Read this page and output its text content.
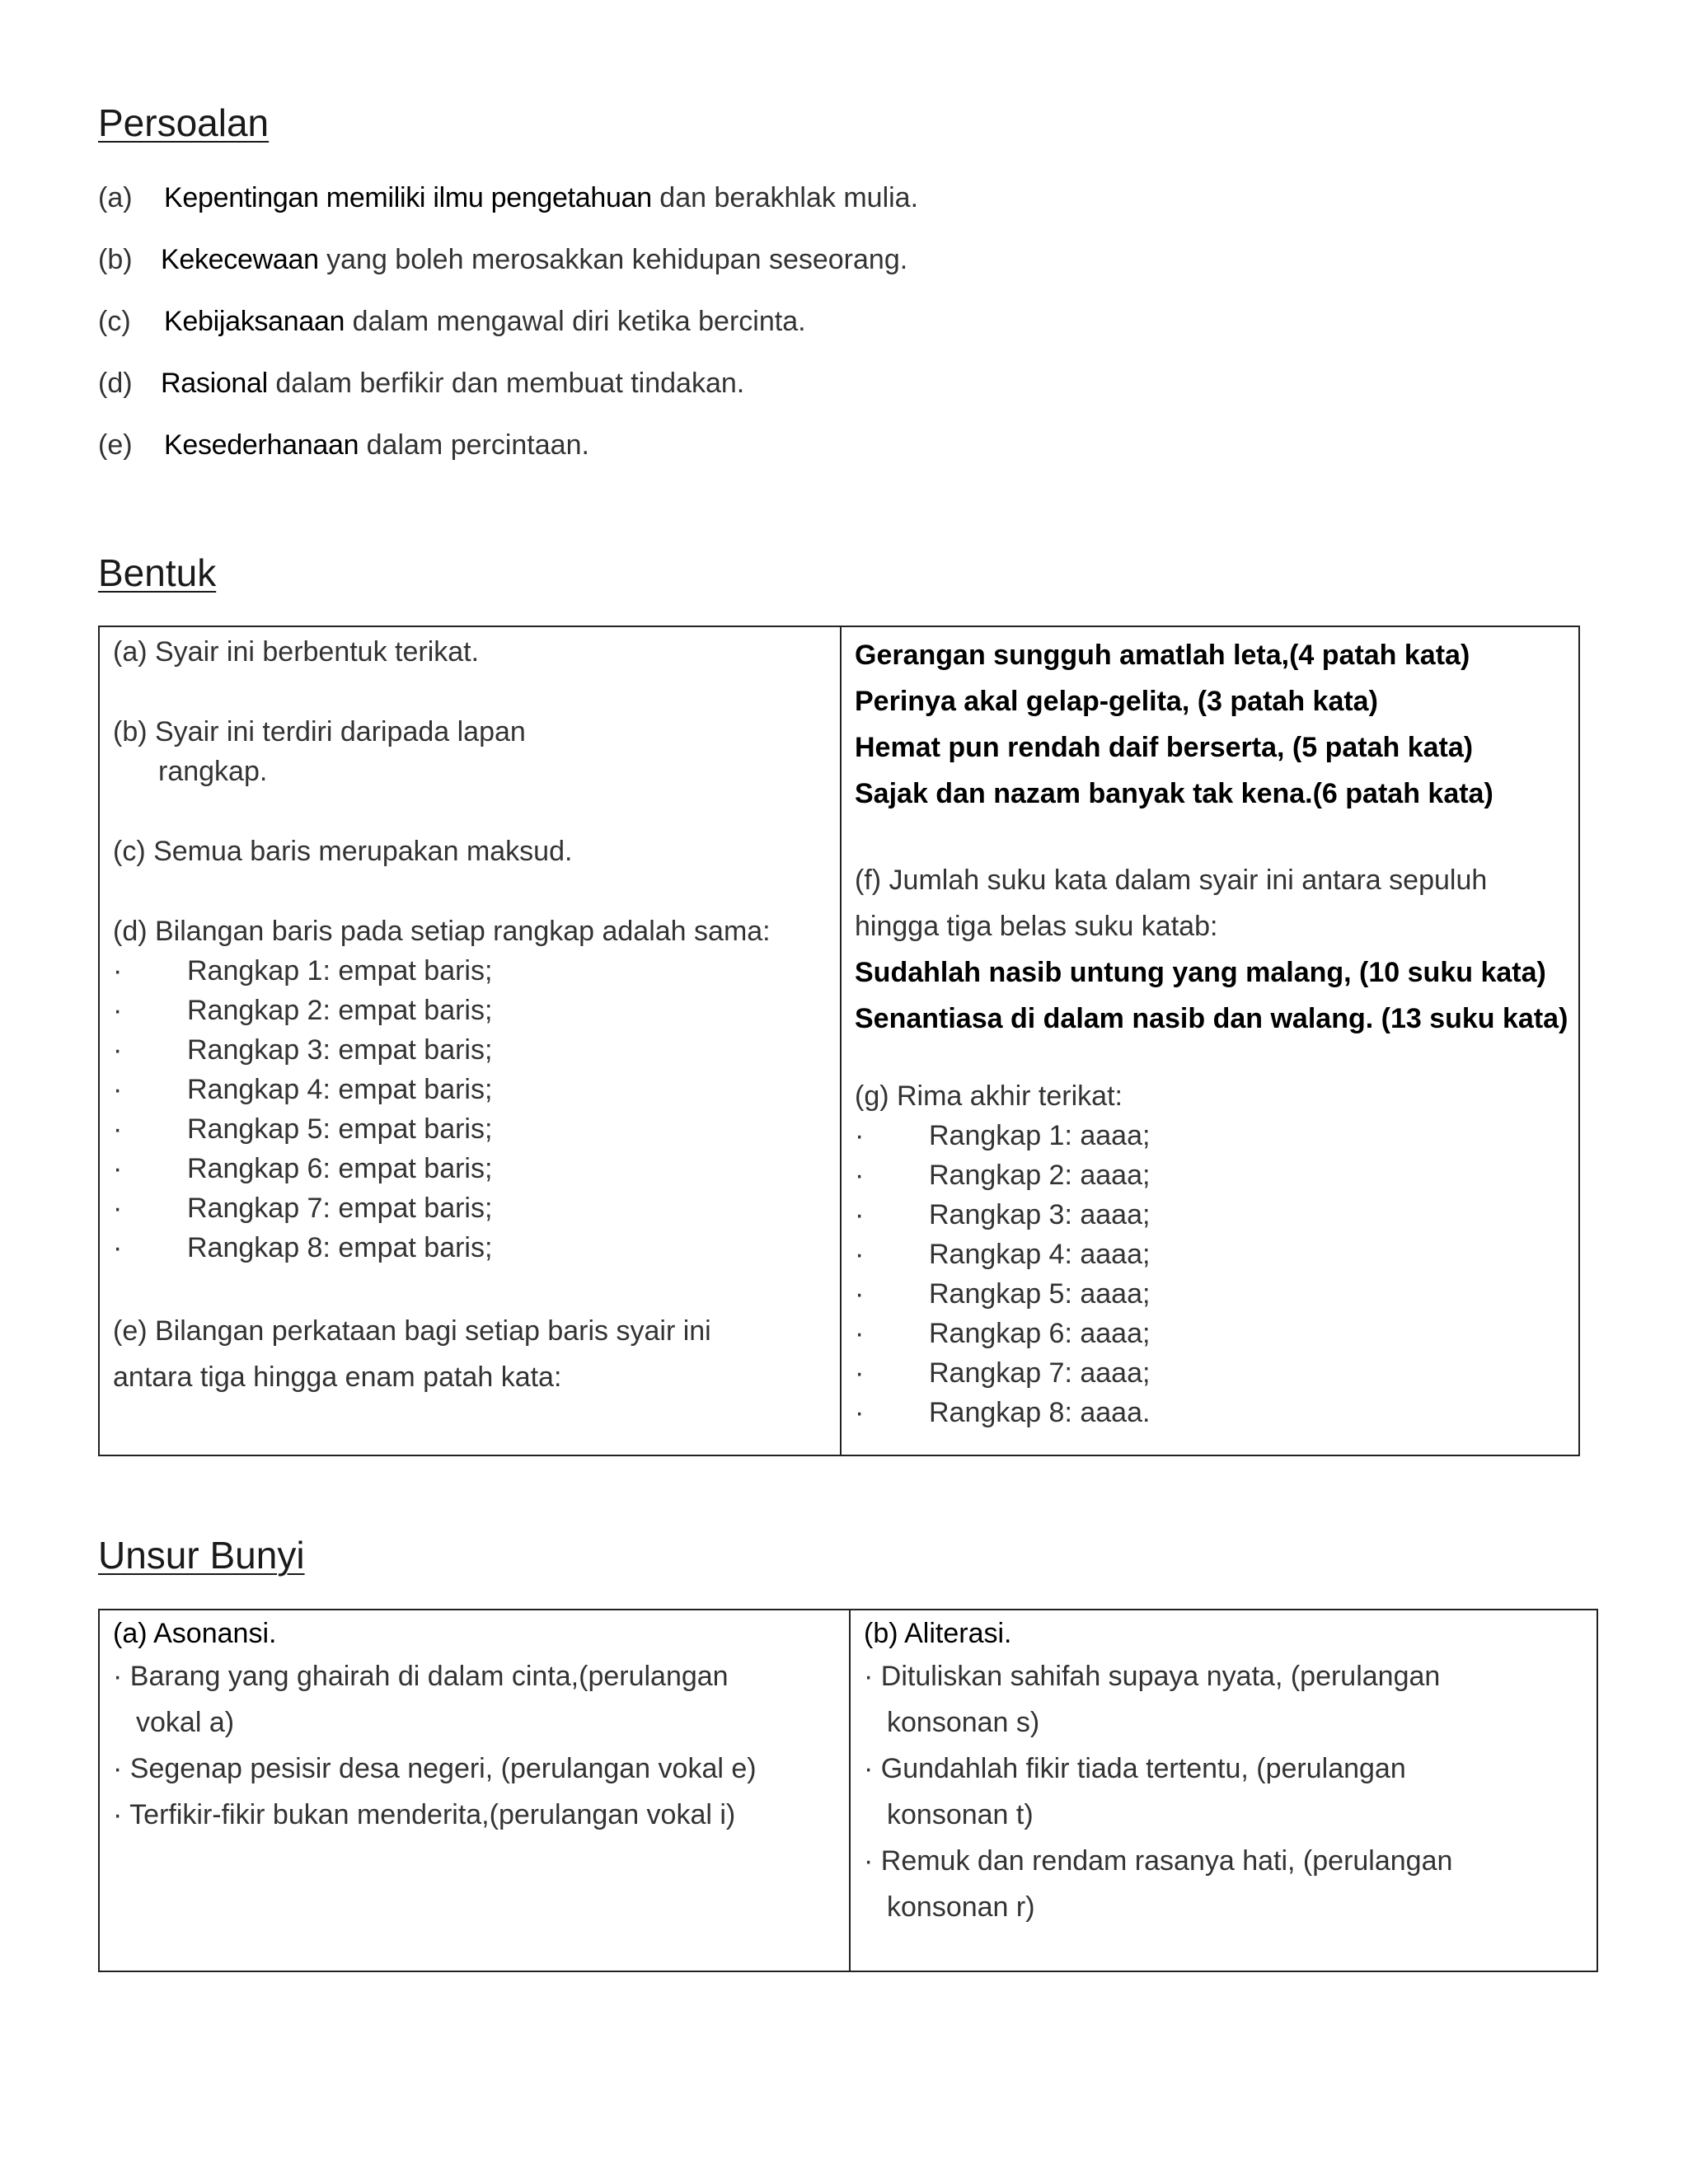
Persoalan
(a) Kepentingan memiliki ilmu pengetahuan dan berakhlak mulia.
(b) Kekecewaan yang boleh merosakkan kehidupan seseorang.
(c) Kebijaksanaan dalam mengawal diri ketika bercinta.
(d) Rasional dalam berfikir dan membuat tindakan.
(e) Kesederhanaan dalam percintaan.
Bentuk
(a) Syair ini berbentuk terikat.
(b) Syair ini terdiri daripada lapan
rangkap.
(c) Semua baris merupakan maksud.
(d) Bilangan baris pada setiap rangkap adalah sama:
· Rangkap 1: empat baris;
· Rangkap 2: empat baris;
· Rangkap 3: empat baris;
· Rangkap 4: empat baris;
· Rangkap 5: empat baris;
· Rangkap 6: empat baris;
· Rangkap 7: empat baris;
· Rangkap 8: empat baris;
(e) Bilangan perkataan bagi setiap baris syair ini
antara tiga hingga enam patah kata:
Gerangan sungguh amatlah leta,(4 patah kata)
Perinya akal gelap-gelita, (3 patah kata)
Hemat pun rendah daif berserta, (5 patah kata)
Sajak dan nazam banyak tak kena.(6 patah kata)
(f) Jumlah suku kata dalam syair ini antara sepuluh
hingga tiga belas suku katab:
Sudahlah nasib untung yang malang, (10 suku kata)
Senantiasa di dalam nasib dan walang. (13 suku kata)
(g) Rima akhir terikat:
· Rangkap 1: aaaa;
· Rangkap 2: aaaa;
· Rangkap 3: aaaa;
· Rangkap 4: aaaa;
· Rangkap 5: aaaa;
· Rangkap 6: aaaa;
· Rangkap 7: aaaa;
· Rangkap 8: aaaa.
Unsur Bunyi
(a) Asonansi.
· Barang yang ghairah di dalam cinta,(perulangan
vokal a)
· Segenap pesisir desa negeri, (perulangan vokal e)
· Terfikir-fikir bukan menderita,(perulangan vokal i)
(b) Aliterasi.
· Dituliskan sahifah supaya nyata, (perulangan
konsonan s)
· Gundahlah fikir tiada tertentu, (perulangan
konsonan t)
· Remuk dan rendam rasanya hati, (perulangan
konsonan r)
